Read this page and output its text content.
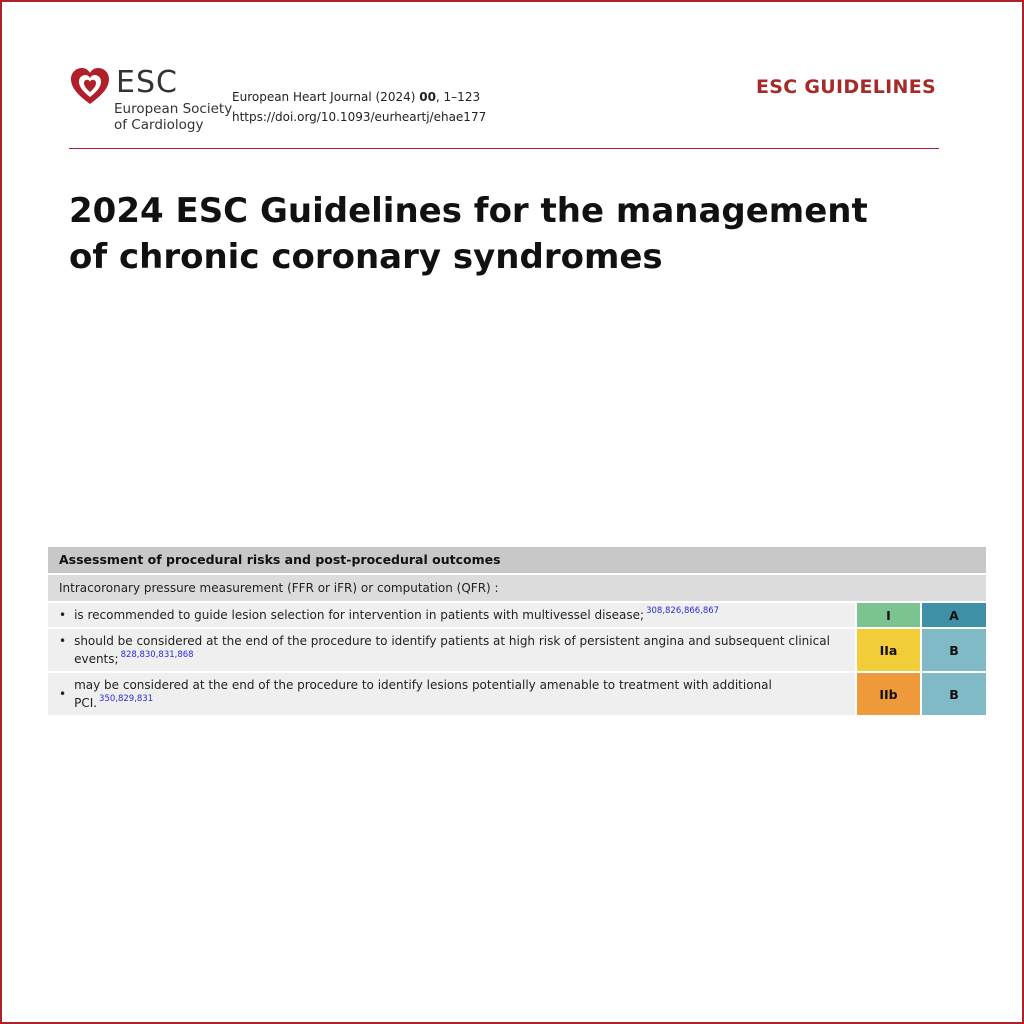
ESC
European Society
of Cardiology
European Heart Journal (2024) 00, 1–123
https://doi.org/10.1093/eurheartj/ehae177
ESC GUIDELINES
2024 ESC Guidelines for the management
of chronic coronary syndromes
Assessment of procedural risks and post-procedural outcomes
Intracoronary pressure measurement (FFR or iFR) or computation (QFR) :
• is recommended to guide lesion selection for intervention in patients with multivessel disease; $^{308,826,866,867}$	I	A
• should be considered at the end of the procedure to identify patients at high risk of persistent angina and subsequent clinical events; $^{828,830,831,868}$	IIa	B
•
may be considered at the end of the procedure to identify lesions potentially amenable to treatment with additional PCI. $^{350,829,831}$	IIb	B
